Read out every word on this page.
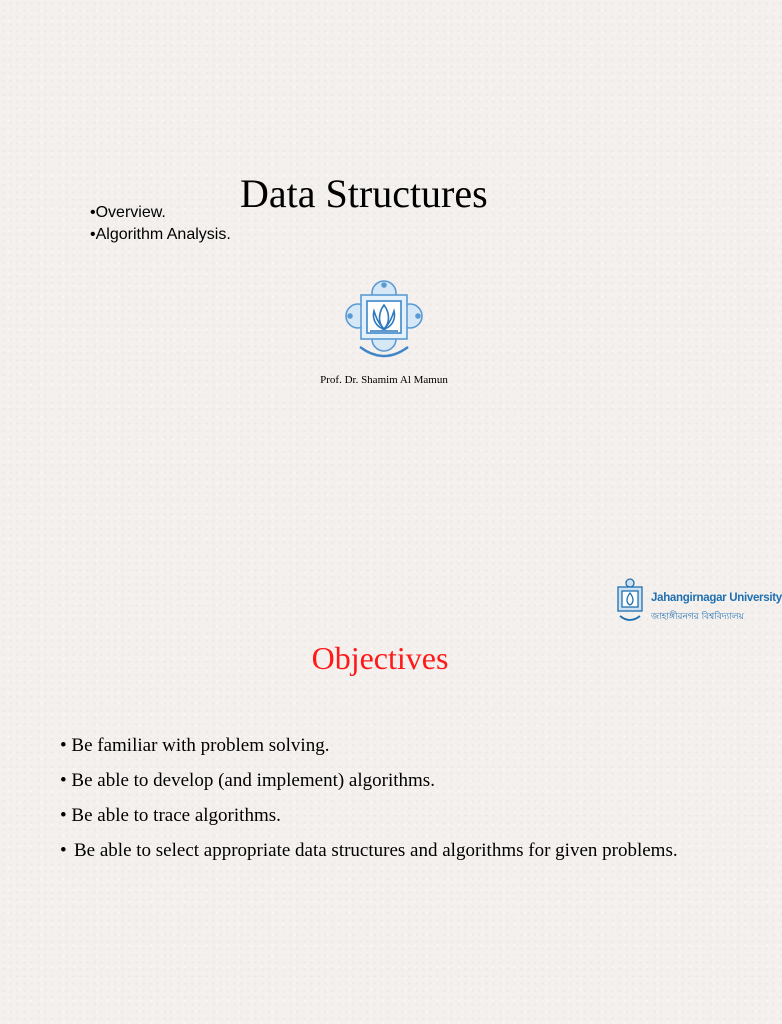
Data Structures
•Overview.
•Algorithm Analysis.
Prof. Dr. Shamim Al Mamun
Jahangirnagar University
জাহাঙ্গীরনগর বিশ্ববিদ্যালয়
Objectives
• Be familiar with problem solving.
• Be able to develop (and implement) algorithms.
• Be able to trace algorithms.
• Be able to select appropriate data structures and algorithms for given problems.
